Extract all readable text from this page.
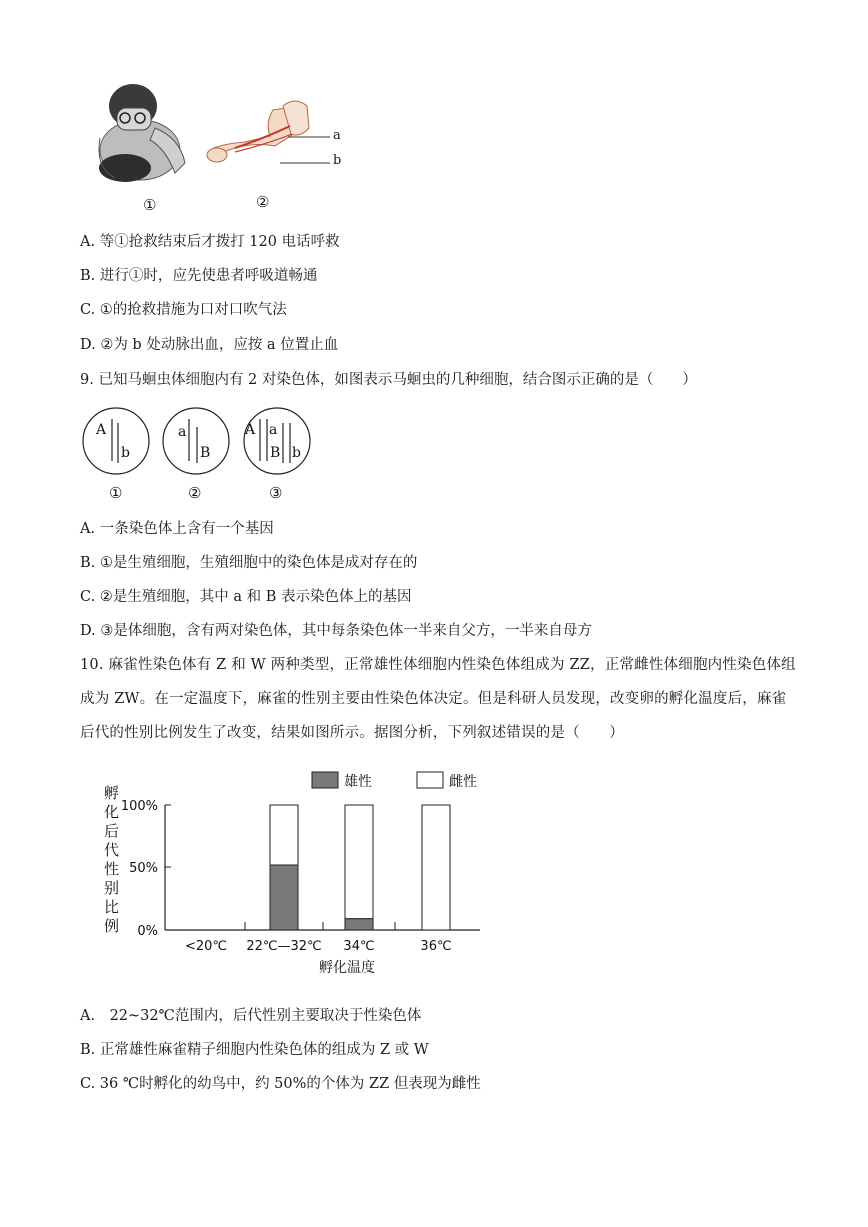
a
b
①	②
A. 等①抢救结束后才拨打 120 电话呼救
B. 进行①时，应先使患者呼吸道畅通
C. ①的抢救措施为口对口吹气法
D. ②为 b 处动脉出血，应按 a 位置止血
9. 已知马蛔虫体细胞内有 2 对染色体，如图表示马蛔虫的几种细胞，结合图示正确的是（　　）
A
b
a
B
A a
B b
①	②	③
A. 一条染色体上含有一个基因
B. ①是生殖细胞，生殖细胞中的染色体是成对存在的
C. ②是生殖细胞，其中 a 和 B 表示染色体上的基因
D. ③是体细胞，含有两对染色体，其中每条染色体一半来自父方，一半来自母方
10. 麻雀性染色体有 Z 和 W 两种类型，正常雄性体细胞内性染色体组成为 ZZ，正常雌性体细胞内性染色体组成为 ZW。在一定温度下，麻雀的性别主要由性染色体决定。但是科研人员发现，改变卵的孵化温度后，麻雀后代的性别比例发生了改变，结果如图所示。据图分析，下列叙述错误的是（　　）
孵化后代性别比例
雄性	雌性
0%
50%
100%
<20℃ 22℃—32℃ 34℃	36℃
孵化温度
A.　22~32℃范围内，后代性别主要取决于性染色体
B. 正常雄性麻雀精子细胞内性染色体的组成为 Z 或 W
C. 36 ℃时孵化的幼鸟中，约 50%的个体为 ZZ 但表现为雌性
